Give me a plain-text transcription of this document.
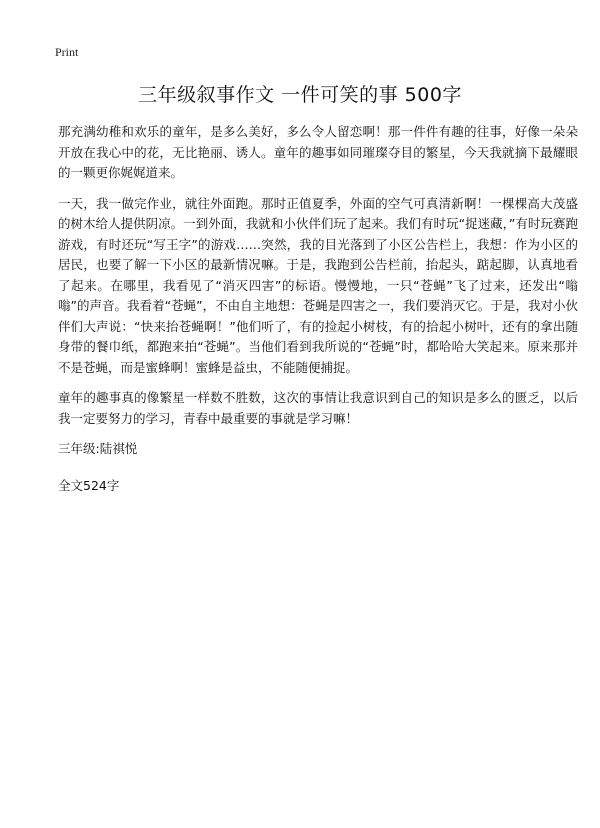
Print
三年级叙事作文 一件可笑的事 500字

那充满幼稚和欢乐的童年，是多么美好，多么令人留恋啊！那一件件有趣的往事，好像一朵朵开放在我心中的花，无比艳丽、诱人。童年的趣事如同璀璨夺目的繁星，今天我就摘下最耀眼的一颗更你娓娓道来。

一天，我一做完作业，就往外面跑。那时正值夏季，外面的空气可真清新啊！一棵棵高大茂盛的树木给人提供阴凉。一到外面，我就和小伙伴们玩了起来。我们有时玩“捉迷藏，”有时玩赛跑游戏，有时还玩“写王字”的游戏……突然，我的目光落到了小区公告栏上，我想：作为小区的居民，也要了解一下小区的最新情况嘛。于是，我跑到公告栏前，抬起头，踮起脚，认真地看了起来。在哪里，我看见了“消灭四害”的标语。慢慢地，一只“苍蝇”飞了过来，还发出“嗡嗡”的声音。我看着“苍蝇”，不由自主地想：苍蝇是四害之一，我们要消灭它。于是，我对小伙伴们大声说：“快来抬苍蝇啊！”他们听了，有的捡起小树枝，有的拾起小树叶，还有的拿出随身带的餐巾纸，都跑来拍“苍蝇”。当他们看到我所说的“苍蝇”时，都哈哈大笑起来。原来那并不是苍蝇，而是蜜蜂啊！蜜蜂是益虫，不能随便捕捉。

童年的趣事真的像繁星一样数不胜数，这次的事情让我意识到自己的知识是多么的匮乏，以后我一定要努力的学习，青春中最重要的事就是学习嘛！

三年级:陆祺悦

全文524字
